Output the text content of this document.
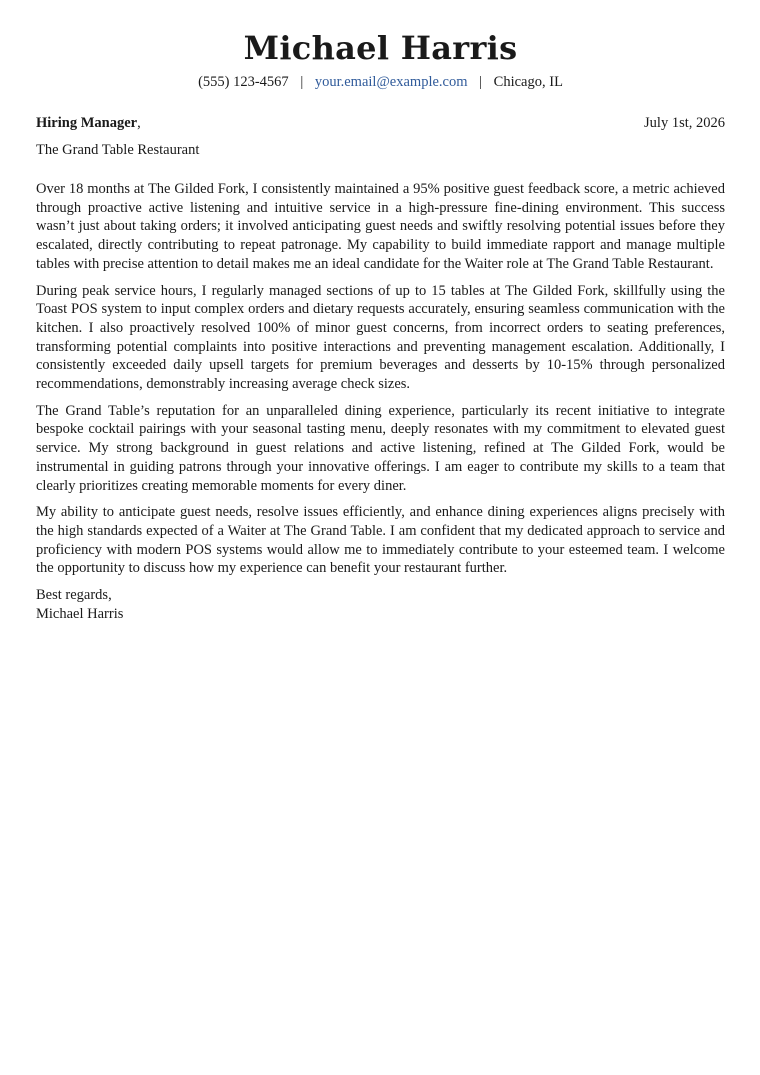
Michael Harris
(555) 123-4567 | your.email@example.com | Chicago, IL
Hiring Manager,	July 1st, 2026
The Grand Table Restaurant

Over 18 months at The Gilded Fork, I consistently maintained a 95% positive guest feedback score, a metric achieved through proactive active listening and intuitive service in a high-pressure fine-dining environment. This success wasn’t just about taking orders; it involved anticipating guest needs and swiftly resolving potential issues before they escalated, directly contributing to repeat patronage. My capability to build immediate rapport and manage multiple tables with precise attention to detail makes me an ideal candidate for the Waiter role at The Grand Table Restaurant.

During peak service hours, I regularly managed sections of up to 15 tables at The Gilded Fork, skillfully using the Toast POS system to input complex orders and dietary requests accurately, ensuring seamless communication with the kitchen. I also proactively resolved 100% of minor guest concerns, from incorrect orders to seating preferences, transforming potential complaints into positive interactions and preventing management escalation. Additionally, I consistently exceeded daily upsell targets for premium beverages and desserts by 10-15% through personalized recommendations, demonstrably increasing average check sizes.

The Grand Table’s reputation for an unparalleled dining experience, particularly its recent initiative to integrate bespoke cocktail pairings with your seasonal tasting menu, deeply resonates with my commitment to elevated guest service. My strong background in guest relations and active listening, refined at The Gilded Fork, would be instrumental in guiding patrons through your innovative offerings. I am eager to contribute my skills to a team that clearly prioritizes creating memorable moments for every diner.

My ability to anticipate guest needs, resolve issues efficiently, and enhance dining experiences aligns precisely with the high standards expected of a Waiter at The Grand Table. I am confident that my dedicated approach to service and proficiency with modern POS systems would allow me to immediately contribute to your esteemed team. I welcome the opportunity to discuss how my experience can benefit your restaurant further.

Best regards,
Michael Harris
